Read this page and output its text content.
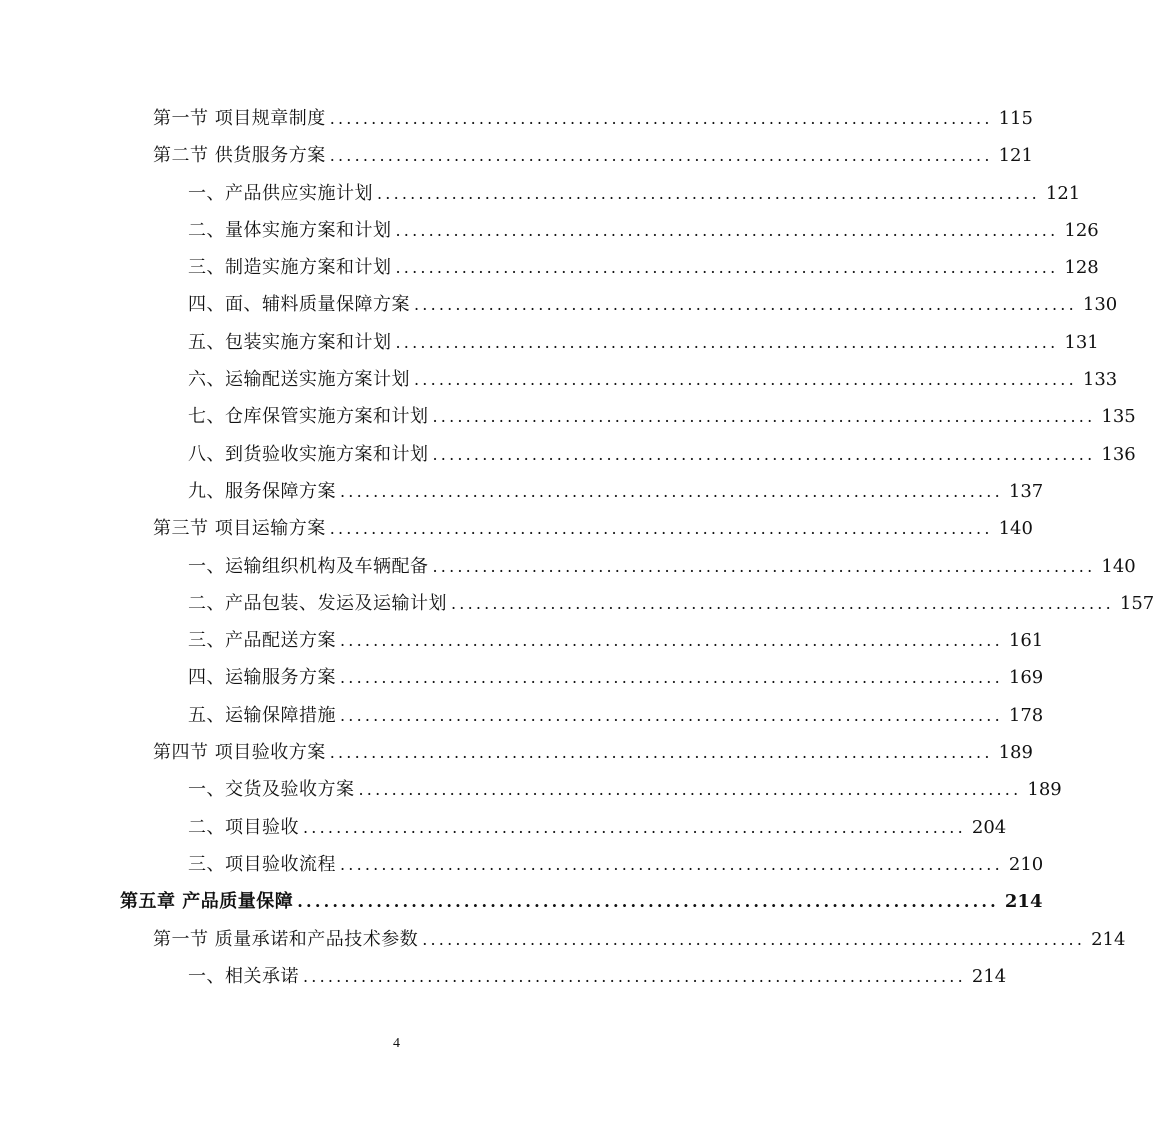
第一节 项目规章制度 ................................................................................ 115
第二节 供货服务方案 ................................................................................ 121
一、产品供应实施计划 ................................................................................ 121
二、量体实施方案和计划 ................................................................................ 126
三、制造实施方案和计划 ................................................................................ 128
四、面、辅料质量保障方案 ................................................................................ 130
五、包装实施方案和计划 ................................................................................ 131
六、运输配送实施方案计划 ................................................................................ 133
七、仓库保管实施方案和计划 ................................................................................ 135
八、到货验收实施方案和计划 ................................................................................ 136
九、服务保障方案 ................................................................................ 137
第三节 项目运输方案 ................................................................................ 140
一、运输组织机构及车辆配备 ................................................................................ 140
二、产品包装、发运及运输计划 ................................................................................ 157
三、产品配送方案 ................................................................................ 161
四、运输服务方案 ................................................................................ 169
五、运输保障措施 ................................................................................ 178
第四节 项目验收方案 ................................................................................ 189
一、交货及验收方案 ................................................................................ 189
二、项目验收 ................................................................................ 204
三、项目验收流程 ................................................................................ 210
第五章 产品质量保障 ................................................................................ 214
第一节 质量承诺和产品技术参数 ................................................................................ 214
一、相关承诺 ................................................................................ 214
4
